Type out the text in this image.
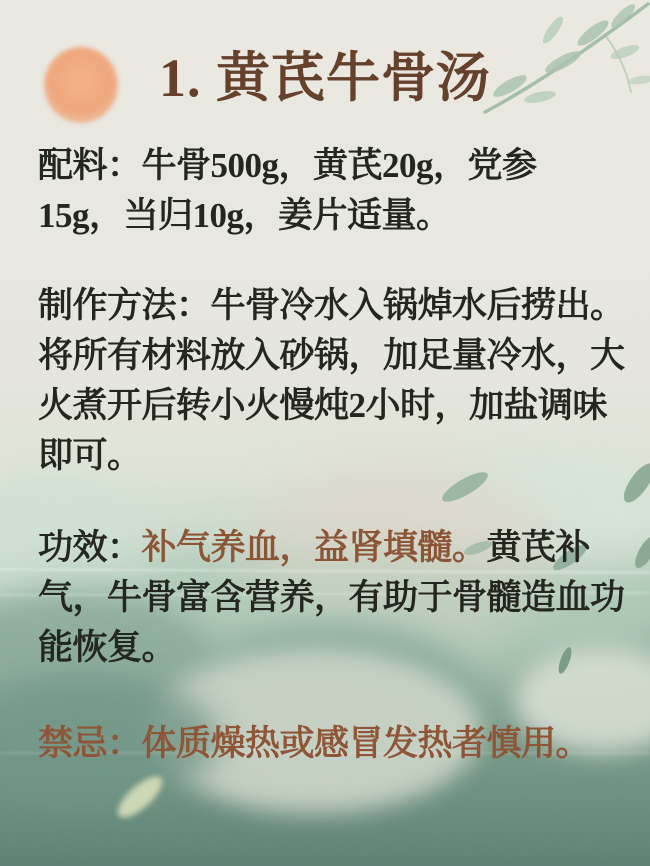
1. 黄芪牛骨汤
配料：牛骨500g，黄芪20g，党参
15g，当归10g，姜片适量。
制作方法：牛骨冷水入锅焯水后捞出。
将所有材料放入砂锅，加足量冷水，大
火煮开后转小火慢炖2小时，加盐调味
即可。
功效：补气养血，益肾填髓。黄芪补
气，牛骨富含营养，有助于骨髓造血功
能恢复。
禁忌：体质燥热或感冒发热者慎用。
